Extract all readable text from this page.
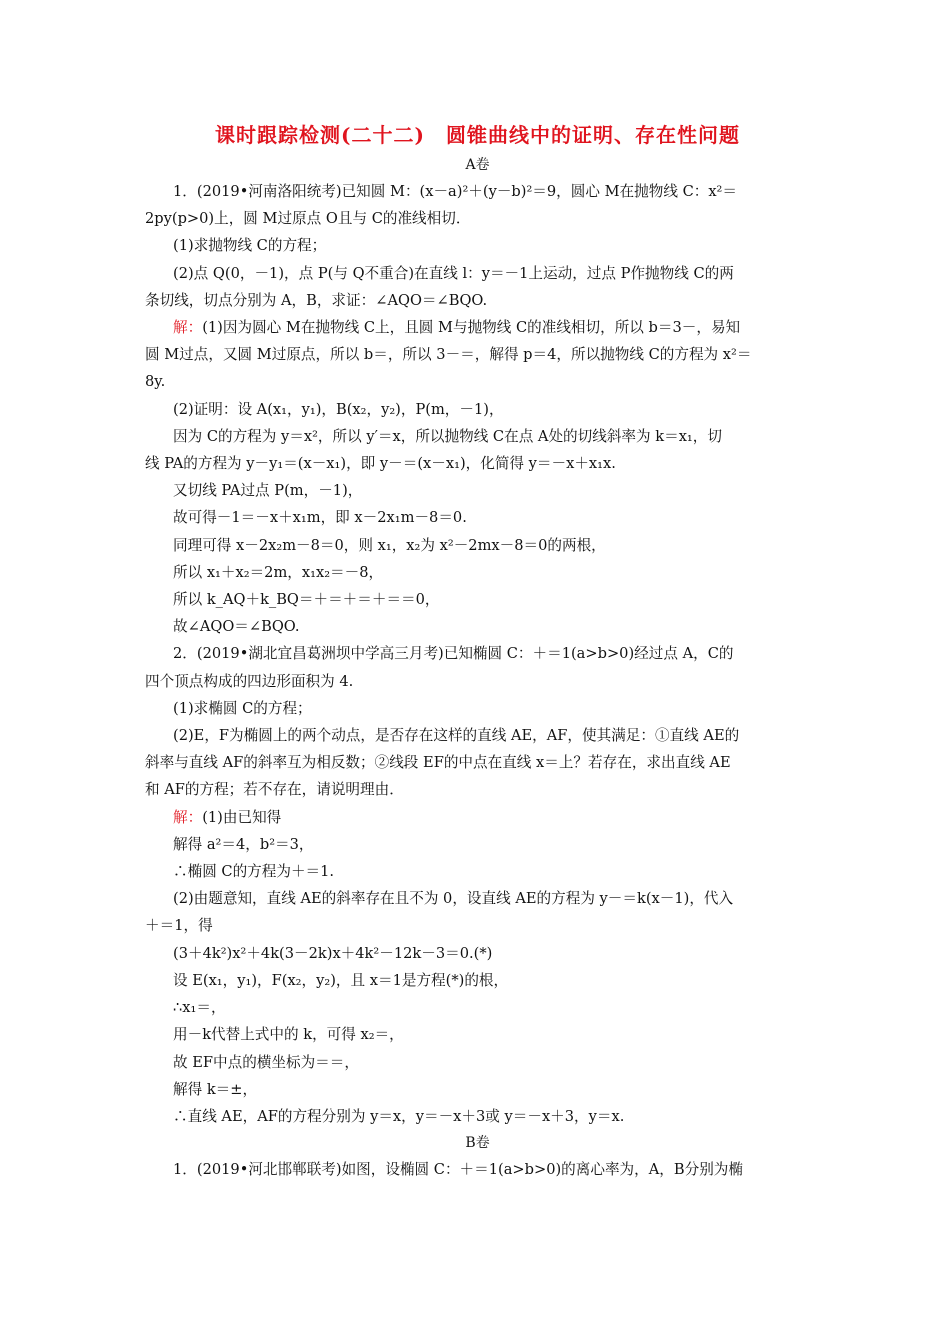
课时跟踪检测(二十二)　圆锥曲线中的证明、存在性问题
A卷
1．(2019•河南洛阳统考)已知圆 M：(x－a)²＋(y－b)²＝9，圆心 M在抛物线 C：x²＝
2py(p>0)上，圆 M过原点 O且与 C的准线相切．
(1)求抛物线 C的方程；
(2)点 Q(0，－1)，点 P(与 Q不重合)在直线 l：y＝－1上运动，过点 P作抛物线 C的两
条切线，切点分别为 A，B，求证：∠AQO＝∠BQO.
解：(1)因为圆心 M在抛物线 C上，且圆 M与抛物线 C的准线相切，所以 b＝3－，易知
圆 M过点，又圆 M过原点，所以 b＝，所以 3－＝，解得 p＝4，所以抛物线 C的方程为 x²＝
8y.
(2)证明：设 A(x₁，y₁)，B(x₂，y₂)，P(m，－1)，
因为 C的方程为 y＝x²，所以 y′＝x，所以抛物线 C在点 A处的切线斜率为 k＝x₁，切
线 PA的方程为 y－y₁＝(x－x₁)，即 y－＝(x－x₁)，化简得 y＝－x＋x₁x.
又切线 PA过点 P(m，－1)，
故可得－1＝－x＋x₁m，即 x－2x₁m－8＝0.
同理可得 x－2x₂m－8＝0，则 x₁，x₂为 x²－2mx－8＝0的两根，
所以 x₁＋x₂＝2m，x₁x₂＝－8，
所以 k_AQ＋k_BQ＝＋＝＋＝＋＝＝0，
故∠AQO＝∠BQO.
2．(2019•湖北宜昌葛洲坝中学高三月考)已知椭圆 C：＋＝1(a>b>0)经过点 A，C的
四个顶点构成的四边形面积为 4.
(1)求椭圆 C的方程；
(2)E，F为椭圆上的两个动点，是否存在这样的直线 AE，AF，使其满足：①直线 AE的
斜率与直线 AF的斜率互为相反数；②线段 EF的中点在直线 x＝上？若存在，求出直线 AE
和 AF的方程；若不存在，请说明理由．
解：(1)由已知得
解得 a²＝4，b²＝3，
∴椭圆 C的方程为＋＝1.
(2)由题意知，直线 AE的斜率存在且不为 0，设直线 AE的方程为 y－＝k(x－1)，代入
＋＝1，得
(3＋4k²)x²＋4k(3－2k)x＋4k²－12k－3＝0.(*)
设 E(x₁，y₁)，F(x₂，y₂)，且 x＝1是方程(*)的根，
∴x₁＝，
用－k代替上式中的 k，可得 x₂＝，
故 EF中点的横坐标为＝＝，
解得 k＝±，
∴直线 AE，AF的方程分别为 y＝x，y＝－x＋3或 y＝－x＋3，y＝x.
B卷
1．(2019•河北邯郸联考)如图，设椭圆 C：＋＝1(a>b>0)的离心率为，A，B分别为椭
